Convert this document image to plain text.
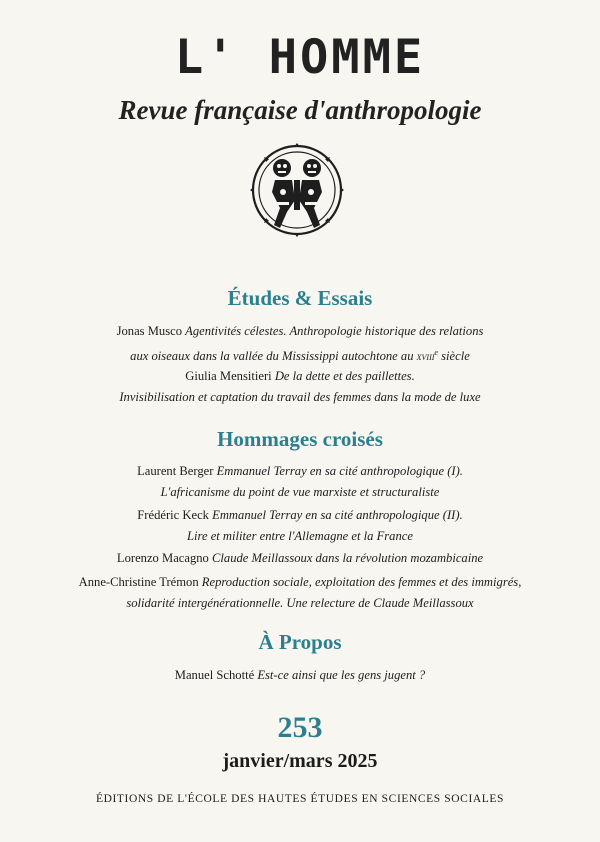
L' HOMME
Revue française d'anthropologie
Études & Essais
Jonas Musco Agentivités célestes. Anthropologie historique des relations
aux oiseaux dans la vallée du Mississippi autochtone au xviii$^e$ siècle
Giulia Mensitieri De la dette et des paillettes.
Invisibilisation et captation du travail des femmes dans la mode de luxe
Hommages croisés
Laurent Berger Emmanuel Terray en sa cité anthropologique (I).
L'africanisme du point de vue marxiste et structuraliste
Frédéric Keck Emmanuel Terray en sa cité anthropologique (II).
Lire et militer entre l'Allemagne et la France
Lorenzo Macagno Claude Meillassoux dans la révolution mozambicaine
Anne-Christine Trémon Reproduction sociale, exploitation des femmes et des immigrés,
solidarité intergénérationnelle. Une relecture de Claude Meillassoux
À Propos
Manuel Schotté Est-ce ainsi que les gens jugent ?
253
janvier/mars 2025
ÉDITIONS DE L'ÉCOLE DES HAUTES ÉTUDES EN SCIENCES SOCIALES
